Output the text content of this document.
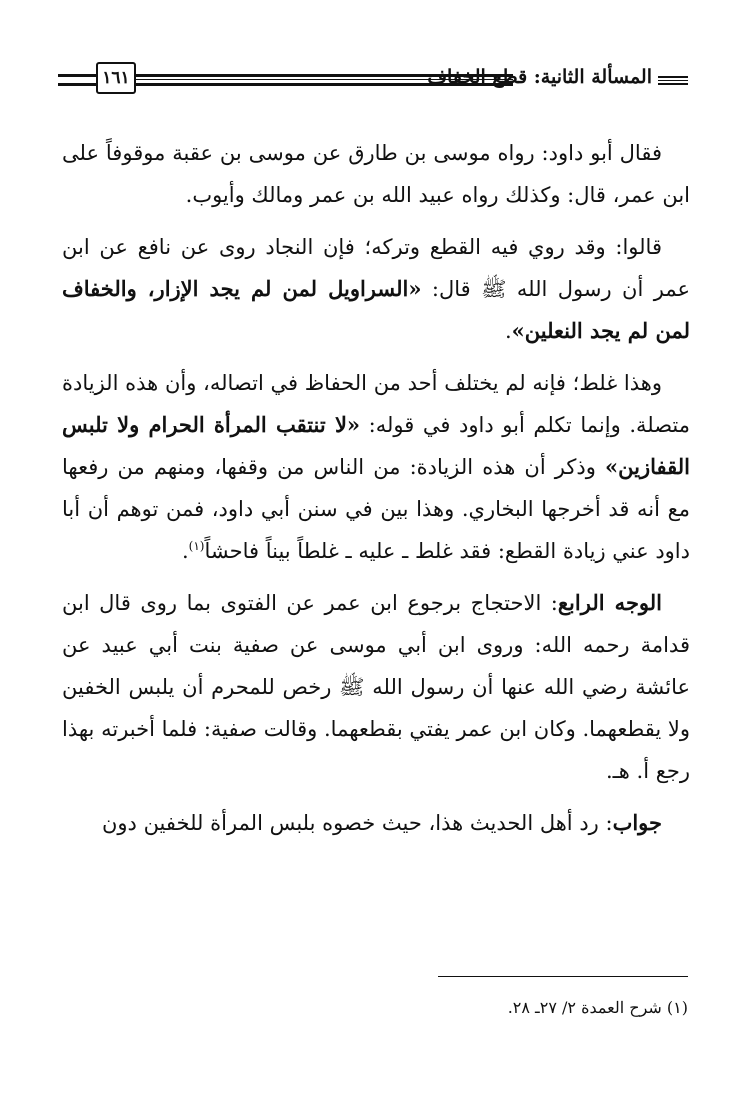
المسألة الثانية: قطع الخفاف
١٦١

فقال أبو داود: رواه موسى بن طارق عن موسى بن عقبة موقوفاً على ابن عمر، قال: وكذلك رواه عبيد الله بن عمر ومالك وأيوب.

قالوا: وقد روي فيه القطع وتركه؛ فإن النجاد روى عن نافع عن ابن عمر أن رسول الله ﷺ قال: «السراويل لمن لم يجد الإزار، والخفاف لمن لم يجد النعلين».

وهذا غلط؛ فإنه لم يختلف أحد من الحفاظ في اتصاله، وأن هذه الزيادة متصلة. وإنما تكلم أبو داود في قوله: «لا تنتقب المرأة الحرام ولا تلبس القفازين» وذكر أن هذه الزيادة: من الناس من وقفها، ومنهم من رفعها مع أنه قد أخرجها البخاري. وهذا بين في سنن أبي داود، فمن توهم أن أبا داود عني زيادة القطع: فقد غلط ـ عليه ـ غلطاً بيناً فاحشاً$^{(١)}$.

الوجه الرابع: الاحتجاج برجوع ابن عمر عن الفتوى بما روى قال ابن قدامة رحمه الله: وروى ابن أبي موسى عن صفية بنت أبي عبيد عن عائشة رضي الله عنها أن رسول الله ﷺ رخص للمحرم أن يلبس الخفين ولا يقطعهما. وكان ابن عمر يفتي بقطعهما. وقالت صفية: فلما أخبرته بهذا رجع أ. هـ.

جواب: رد أهل الحديث هذا، حيث خصوه بلبس المرأة للخفين دون

(١) شرح العمدة ٢/ ٢٧ـ ٢٨.
